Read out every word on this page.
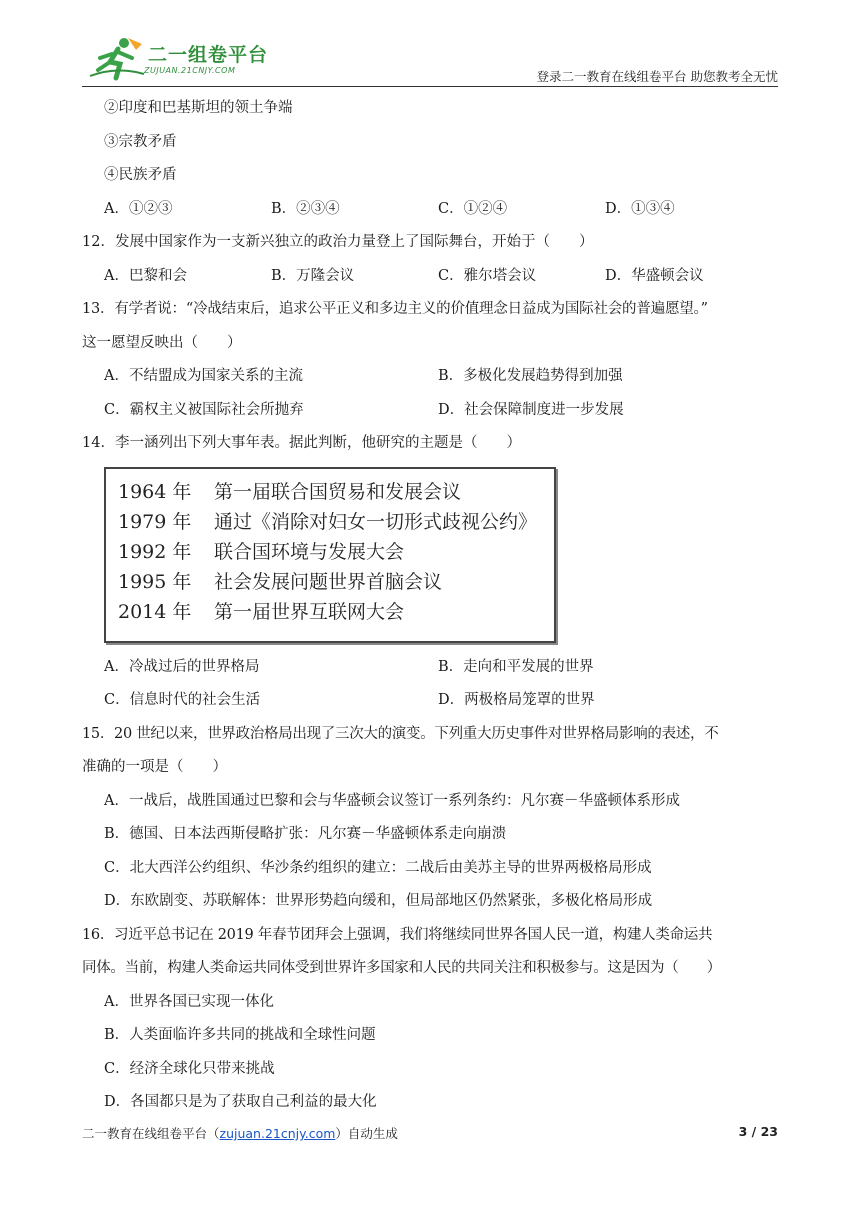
二一组卷平台
ZUJUAN.21CNJY.COM	登录二一教育在线组卷平台 助您教考全无忧
②印度和巴基斯坦的领土争端
③宗教矛盾
④民族矛盾
A．①②③	B．②③④	C．①②④	D．①③④
12．发展中国家作为一支新兴独立的政治力量登上了国际舞台，开始于（　　）
A．巴黎和会	B．万隆会议	C．雅尔塔会议	D．华盛顿会议
13．有学者说：“冷战结束后，追求公平正义和多边主义的价值理念日益成为国际社会的普遍愿望。”
这一愿望反映出（　　）
A．不结盟成为国家关系的主流	B．多极化发展趋势得到加强
C．霸权主义被国际社会所抛弃	D．社会保障制度进一步发展
14．李一涵列出下列大事年表。据此判断，他研究的主题是（　　）
1964 年	第一届联合国贸易和发展会议
1979 年	通过《消除对妇女一切形式歧视公约》
1992 年	联合国环境与发展大会
1995 年	社会发展问题世界首脑会议
2014 年	第一届世界互联网大会
A．冷战过后的世界格局	B．走向和平发展的世界
C．信息时代的社会生活	D．两极格局笼罩的世界
15．20 世纪以来，世界政治格局出现了三次大的演变。下列重大历史事件对世界格局影响的表述，不
准确的一项是（　　）
A．一战后，战胜国通过巴黎和会与华盛顿会议签订一系列条约：凡尔赛－华盛顿体系形成
B．德国、日本法西斯侵略扩张：凡尔赛－华盛顿体系走向崩溃
C．北大西洋公约组织、华沙条约组织的建立：二战后由美苏主导的世界两极格局形成
D．东欧剧变、苏联解体：世界形势趋向缓和，但局部地区仍然紧张，多极化格局形成
16．习近平总书记在 2019 年春节团拜会上强调，我们将继续同世界各国人民一道，构建人类命运共
同体。当前，构建人类命运共同体受到世界许多国家和人民的共同关注和积极参与。这是因为（　　）
A．世界各国已实现一体化
B．人类面临许多共同的挑战和全球性问题
C．经济全球化只带来挑战
D．各国都只是为了获取自己利益的最大化
二一教育在线组卷平台（zujuan.21cnjy.com）自动生成	3 / 23
